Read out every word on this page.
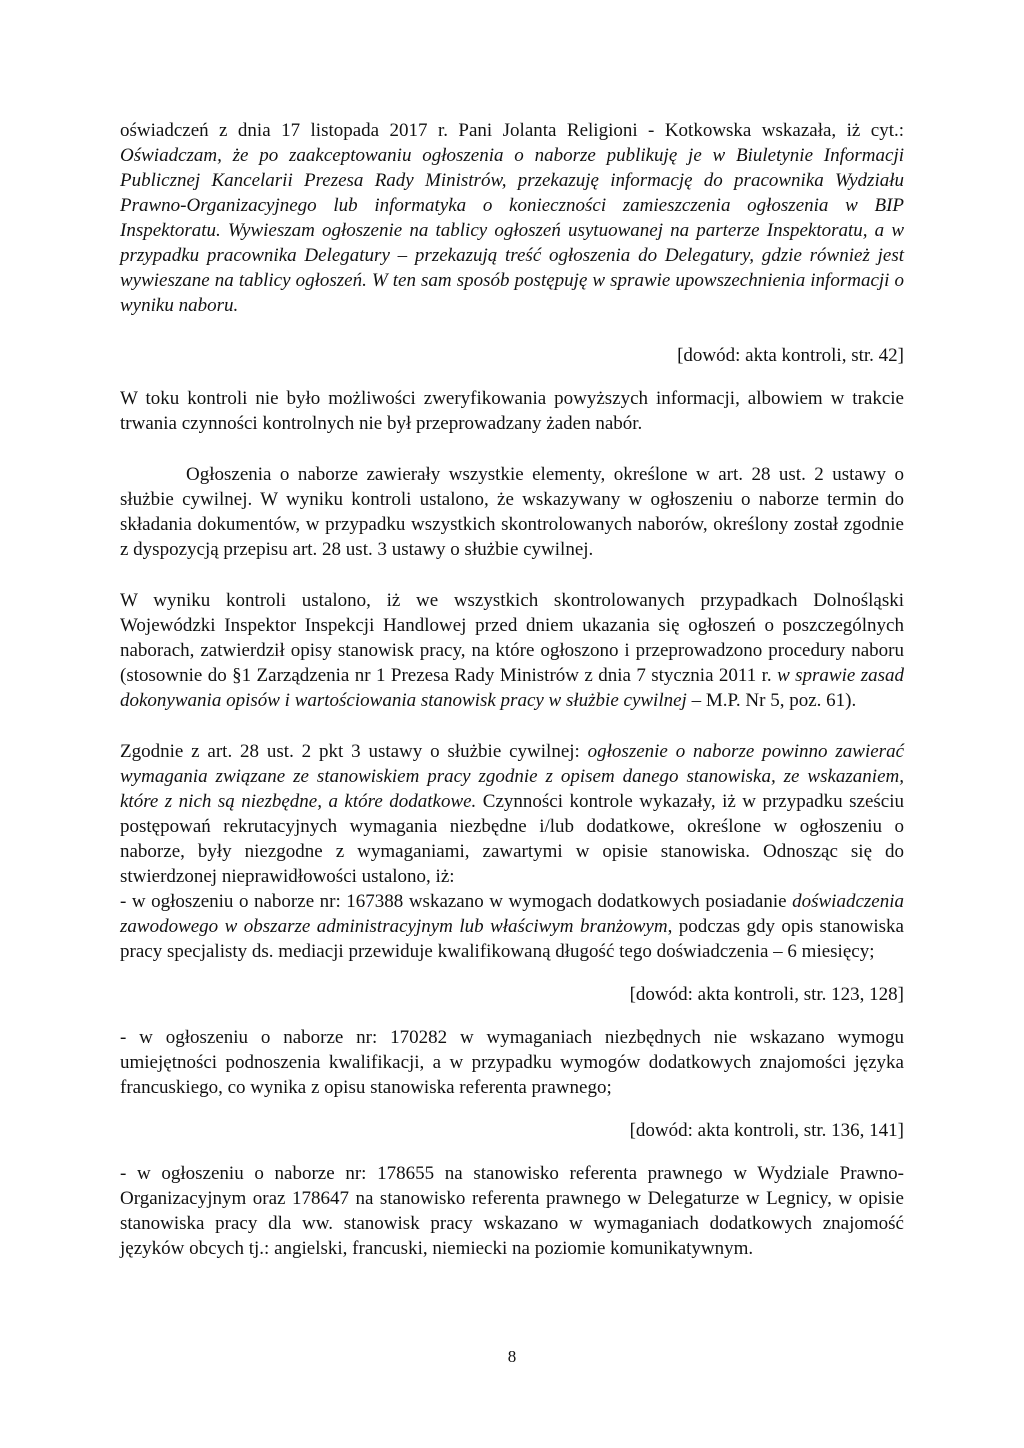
oświadczeń z dnia 17 listopada 2017 r. Pani Jolanta Religioni - Kotkowska wskazała, iż cyt.: Oświadczam, że po zaakceptowaniu ogłoszenia o naborze publikuję je w Biuletynie Informacji Publicznej Kancelarii Prezesa Rady Ministrów, przekazuję informację do pracownika Wydziału Prawno-Organizacyjnego lub informatyka o konieczności zamieszczenia ogłoszenia w BIP Inspektoratu. Wywieszam ogłoszenie na tablicy ogłoszeń usytuowanej na parterze Inspektoratu, a w przypadku pracownika Delegatury – przekazują treść ogłoszenia do Delegatury, gdzie również jest wywieszane na tablicy ogłoszeń. W ten sam sposób postępuję w sprawie upowszechnienia informacji o wyniku naboru.

[dowód: akta kontroli, str. 42]

W toku kontroli nie było możliwości zweryfikowania powyższych informacji, albowiem w trakcie trwania czynności kontrolnych nie był przeprowadzany żaden nabór.

Ogłoszenia o naborze zawierały wszystkie elementy, określone w art. 28 ust. 2 ustawy o służbie cywilnej. W wyniku kontroli ustalono, że wskazywany w ogłoszeniu o naborze termin do składania dokumentów, w przypadku wszystkich skontrolowanych naborów, określony został zgodnie z dyspozycją przepisu art. 28 ust. 3 ustawy o służbie cywilnej.

W wyniku kontroli ustalono, iż we wszystkich skontrolowanych przypadkach Dolnośląski Wojewódzki Inspektor Inspekcji Handlowej przed dniem ukazania się ogłoszeń o poszczególnych naborach, zatwierdził opisy stanowisk pracy, na które ogłoszono i przeprowadzono procedury naboru (stosownie do §1 Zarządzenia nr 1 Prezesa Rady Ministrów z dnia 7 stycznia 2011 r. w sprawie zasad dokonywania opisów i wartościowania stanowisk pracy w służbie cywilnej – M.P. Nr 5, poz. 61).

Zgodnie z art. 28 ust. 2 pkt 3 ustawy o służbie cywilnej: ogłoszenie o naborze powinno zawierać wymagania związane ze stanowiskiem pracy zgodnie z opisem danego stanowiska, ze wskazaniem, które z nich są niezbędne, a które dodatkowe. Czynności kontrole wykazały, iż w przypadku sześciu postępowań rekrutacyjnych wymagania niezbędne i/lub dodatkowe, określone w ogłoszeniu o naborze, były niezgodne z wymaganiami, zawartymi w opisie stanowiska. Odnosząc się do stwierdzonej nieprawidłowości ustalono, iż:

- w ogłoszeniu o naborze nr: 167388 wskazano w wymogach dodatkowych posiadanie doświadczenia zawodowego w obszarze administracyjnym lub właściwym branżowym, podczas gdy opis stanowiska pracy specjalisty ds. mediacji przewiduje kwalifikowaną długość tego doświadczenia – 6 miesięcy;

[dowód: akta kontroli, str. 123, 128]

- w ogłoszeniu o naborze nr: 170282 w wymaganiach niezbędnych nie wskazano wymogu umiejętności podnoszenia kwalifikacji, a w przypadku wymogów dodatkowych znajomości języka francuskiego, co wynika z opisu stanowiska referenta prawnego;

[dowód: akta kontroli, str. 136, 141]

- w ogłoszeniu o naborze nr: 178655 na stanowisko referenta prawnego w Wydziale Prawno-Organizacyjnym oraz 178647 na stanowisko referenta prawnego w Delegaturze w Legnicy, w opisie stanowiska pracy dla ww. stanowisk pracy wskazano w wymaganiach dodatkowych znajomość języków obcych tj.: angielski, francuski, niemiecki na poziomie komunikatywnym.

8
